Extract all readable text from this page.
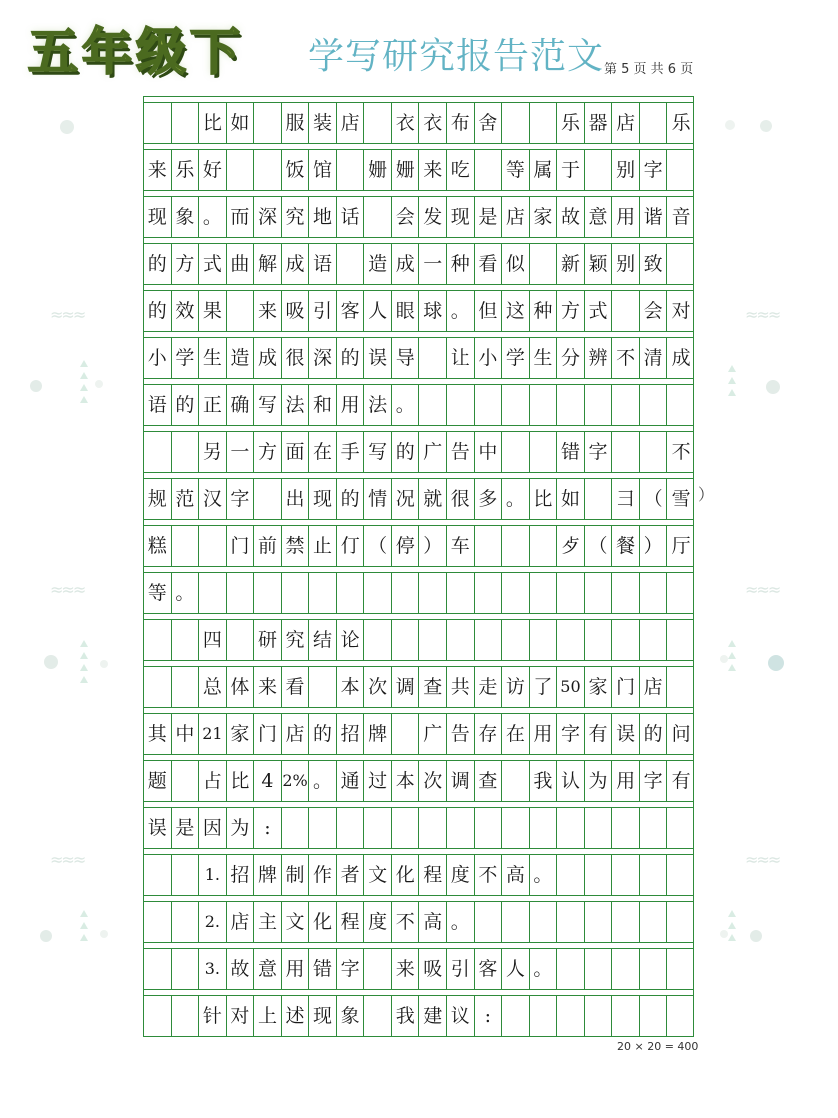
≈≈≈
≈≈≈
≈≈≈
≈≈≈
≈≈≈
≈≈≈
五年级下 学写研究报告范文 第 5 页 共 6 页
比 如 服 装 店 衣 衣 布 舍	乐 器 店 乐
来 乐 好	饭 馆 姗 姗 来 吃 等 属 于 别 字
现 象 。 而 深 究 地 话 会 发 现 是 店 家 故 意 用 谐 音
的 方 式 曲 解 成 语 造 成 一 种 看 似 新 颖 别 致
的 效 果 来 吸 引 客 人 眼 球 。 但 这 种 方 式 会 对
小 学 生 造 成 很 深 的 误 导 让 小 学 生 分 辨 不 清 成
语 的 正 确 写 法 和 用 法 。
另 一 方 面 在 手 写 的 广 告 中	错 字	不
规 范 汉 字 出 现 的 情 况 就 很 多 。 比 如 彐 （ 雪
糕	门 前 禁 止 仃 （ 停 ） 车	歺 （ 餐 ） 厅
等 。
四 研 究 结 论
总 体 来 看 本 次 调 查 共 走 访 了 50 家 门 店
其 中 21 家 门 店 的 招 牌 广 告 存 在 用 字 有 误 的 问
题 占 比 4 2% 。 通 过 本 次 调 查 我 认 为 用 字 有
误 是 因 为 :
1. 招 牌 制 作 者 文 化 程 度 不 高 。
2. 店 主 文 化 程 度 不 高 。
3. 故 意 用 错 字 来 吸 引 客 人 。
针 对 上 述 现 象 我 建 议 :
）
20 × 20 = 400
